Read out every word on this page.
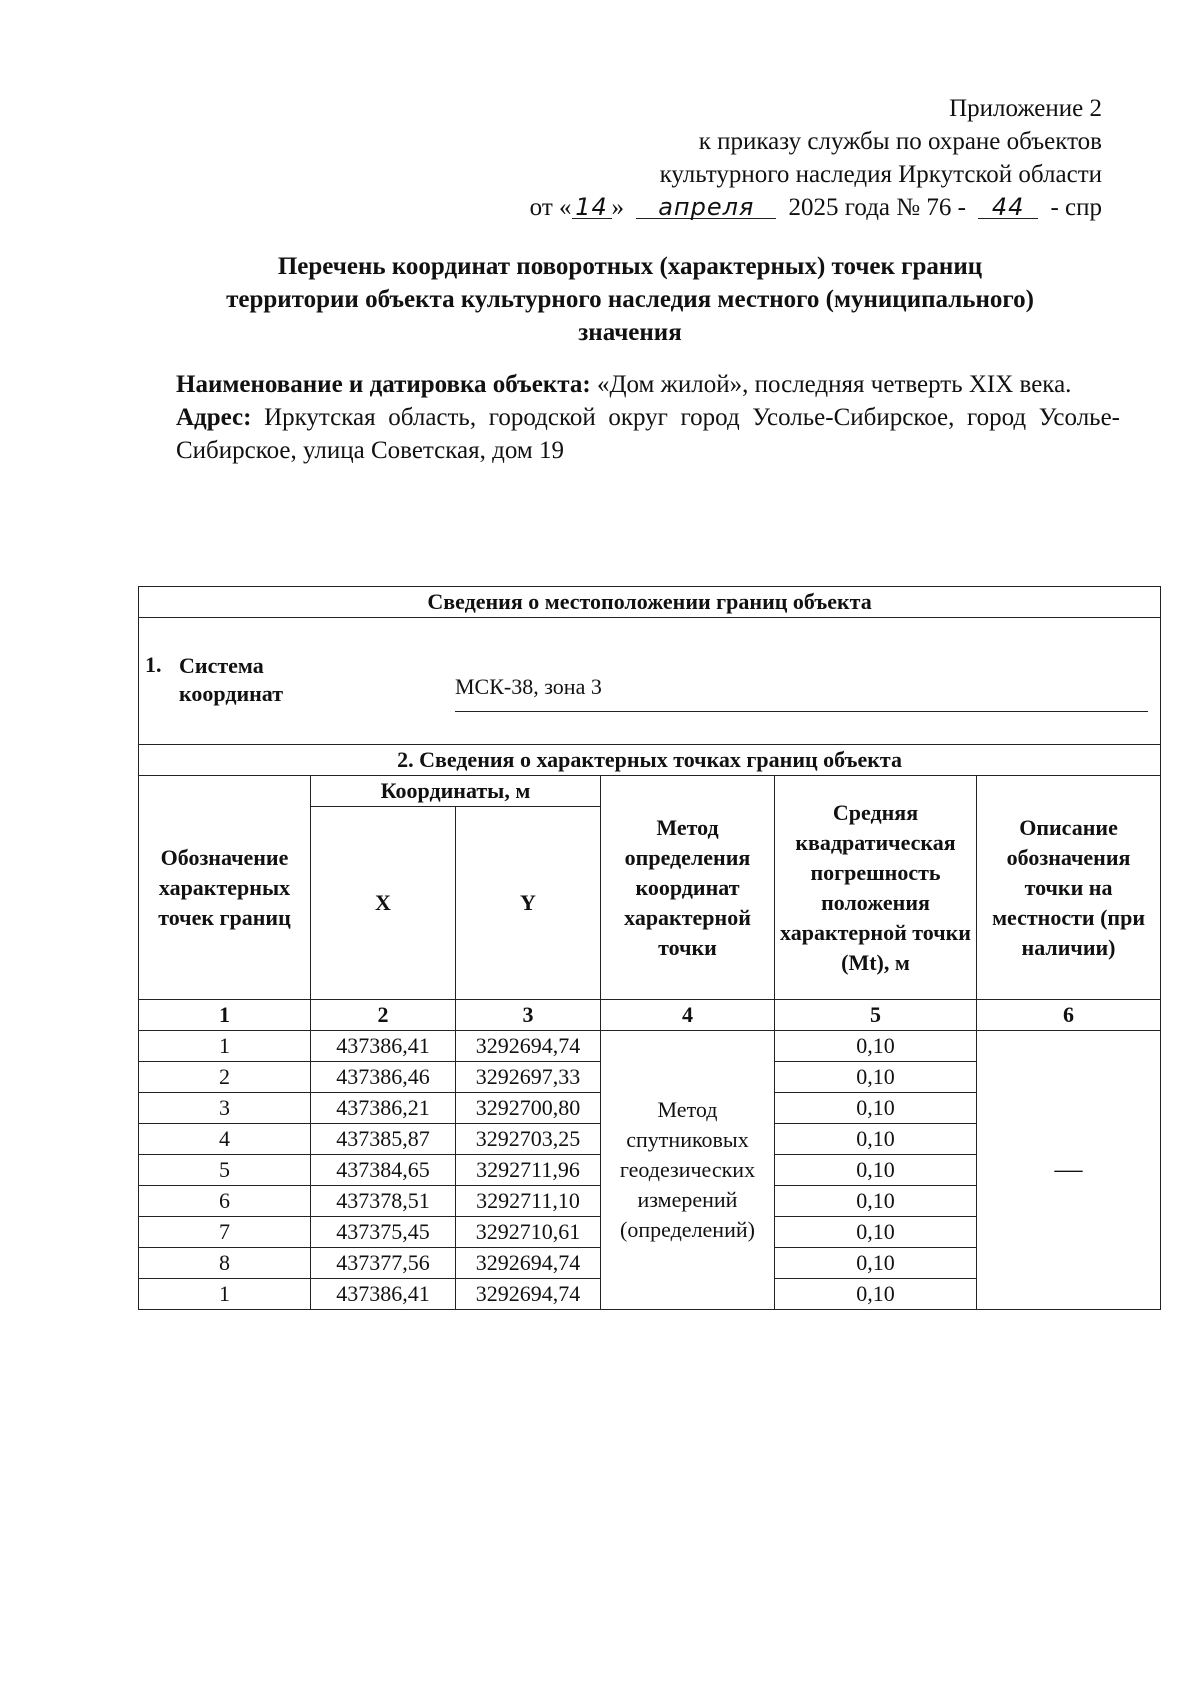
Приложение 2
к приказу службы по охране объектов
культурного наследия Иркутской области
от « 14 » апреля 2025 года № 76 - 44 - спр
Перечень координат поворотных (характерных) точек границ
территории объекта культурного наследия местного (муниципального)
значения

Наименование и датировка объекта: «Дом жилой», последняя четверть XIX века.

Адрес: Иркутская область, городской округ город Усолье-Сибирское, город Усолье-Сибирское, улица Советская, дом 19

Сведения о местоположении границ объекта					

1. Система
координат МСК-38, зона 3					

2. Сведения о характерных точках границ объекта					
Обозначение характерных точек границ	Координаты, м		Метод определения координат характерной точки	Средняя квадратическая погрешность положения характерной точки (Mt), м	Описание обозначения точки на местности (при наличии)
	X	Y			
1	2	3	4	5	6
1	437386,41	3292694,74	Метод спутниковых геодезических измерений (определений)	0,10	—
2	437386,46	3292697,33		0,10	
3	437386,21	3292700,80		0,10	
4	437385,87	3292703,25		0,10	
5	437384,65	3292711,96		0,10	
6	437378,51	3292711,10		0,10	
7	437375,45	3292710,61		0,10	
8	437377,56	3292694,74		0,10	
1	437386,41	3292694,74		0,10	
